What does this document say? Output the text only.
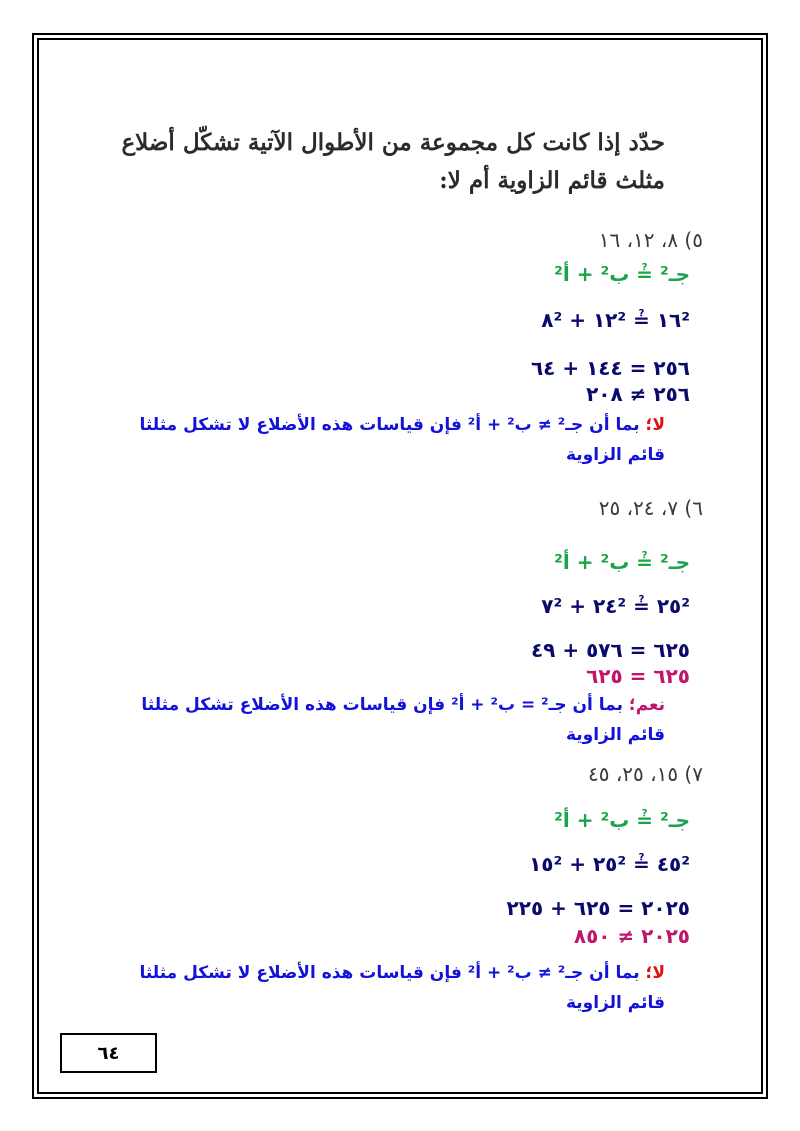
حدّد إذا كانت كل مجموعة من الأطوال الآتية تشكّل أضلاع مثلث قائم الزاوية أم لا:
٥) ٨، ١٢، ١٦
جـ² ≟ ب² + أ²
١٦² ≟ ١٢² + ٨²
٢٥٦ = ١٤٤ + ٦٤
٢٥٦ ≠ ٢٠٨
لا؛ بما أن جـ² ≠ ب² + أ² فإن قياسات هذه الأضلاع لا تشكل مثلثا قائم الزاوية
٦) ٧، ٢٤، ٢٥
جـ² ≟ ب² + أ²
٢٥² ≟ ٢٤² + ٧²
٦٢٥ = ٥٧٦ + ٤٩
٦٢٥ = ٦٢٥
نعم؛ بما أن جـ² = ب² + أ² فإن قياسات هذه الأضلاع تشكل مثلثا قائم الزاوية
٧) ١٥، ٢٥، ٤٥
جـ² ≟ ب² + أ²
٤٥² ≟ ٢٥² + ١٥²
٢٠٢٥ = ٦٢٥ + ٢٢٥
٢٠٢٥ ≠ ٨٥٠
لا؛ بما أن جـ² ≠ ب² + أ² فإن قياسات هذه الأضلاع لا تشكل مثلثا قائم الزاوية
٦٤
